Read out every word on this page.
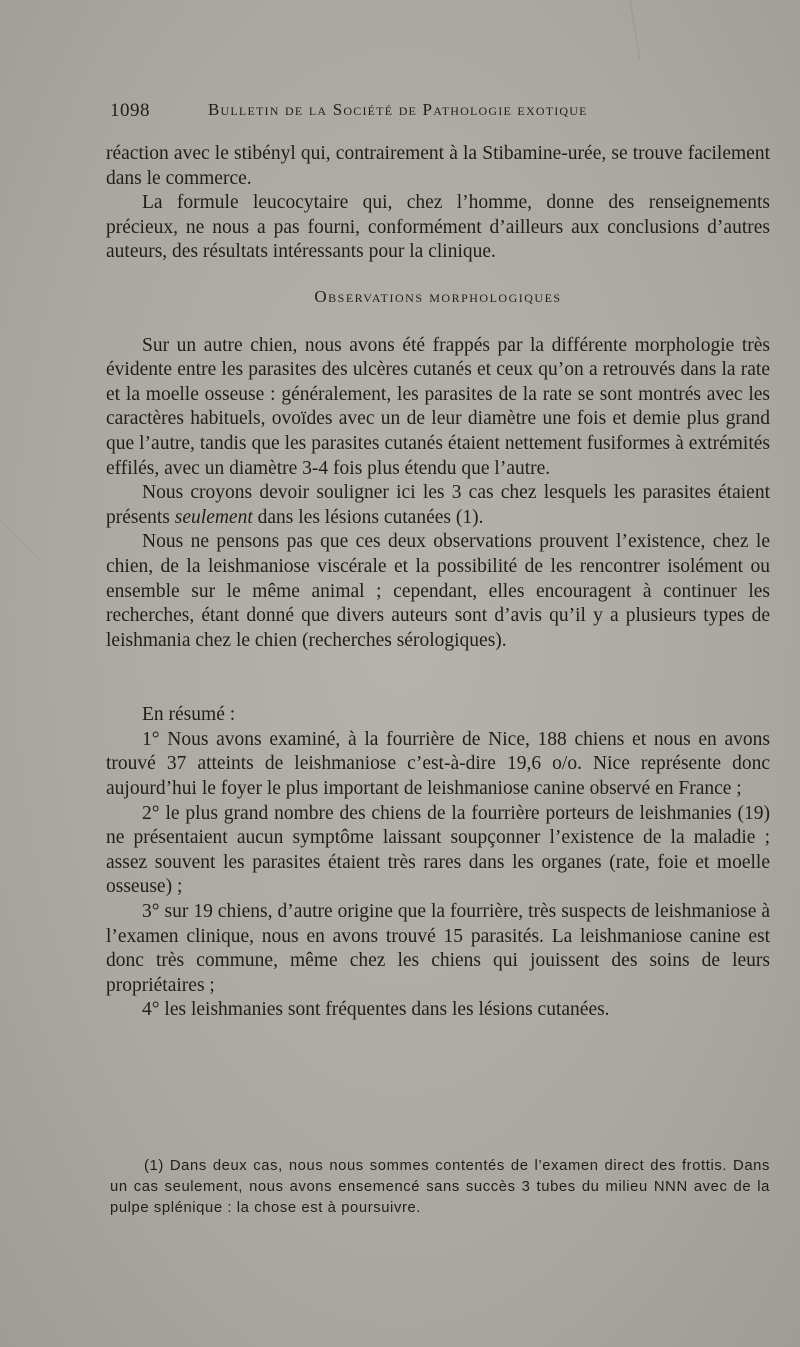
1098	Bulletin de la Société de Pathologie exotique

réaction avec le stibényl qui, contrairement à la Stibamine-urée, se trouve facilement dans le commerce.

La formule leucocytaire qui, chez l’homme, donne des renseignements précieux, ne nous a pas fourni, conformément d’ailleurs aux conclusions d’autres auteurs, des résultats intéressants pour la clinique.

Observations morphologiques

Sur un autre chien, nous avons été frappés par la différente morphologie très évidente entre les parasites des ulcères cutanés et ceux qu’on a retrouvés dans la rate et la moelle osseuse : généralement, les parasites de la rate se sont montrés avec les caractères habituels, ovoïdes avec un de leur diamètre une fois et demie plus grand que l’autre, tandis que les parasites cutanés étaient nettement fusiformes à extrémités effilés, avec un diamètre 3-4 fois plus étendu que l’autre.

Nous croyons devoir souligner ici les 3 cas chez lesquels les parasites étaient présents seulement dans les lésions cutanées (1).

Nous ne pensons pas que ces deux observations prouvent l’existence, chez le chien, de la leishmaniose viscérale et la possibilité de les rencontrer isolément ou ensemble sur le même animal ; cependant, elles encouragent à continuer les recherches, étant donné que divers auteurs sont d’avis qu’il y a plusieurs types de leishmania chez le chien (recherches sérologiques).

En résumé :

1° Nous avons examiné, à la fourrière de Nice, 188 chiens et nous en avons trouvé 37 atteints de leishmaniose c’est-à-dire 19,6 o/o. Nice représente donc aujourd’hui le foyer le plus important de leishmaniose canine observé en France ;

2° le plus grand nombre des chiens de la fourrière porteurs de leishmanies (19) ne présentaient aucun symptôme laissant soupçonner l’existence de la maladie ; assez souvent les parasites étaient très rares dans les organes (rate, foie et moelle osseuse) ;

3° sur 19 chiens, d’autre origine que la fourrière, très suspects de leishmaniose à l’examen clinique, nous en avons trouvé 15 parasités. La leishmaniose canine est donc très commune, même chez les chiens qui jouissent des soins de leurs propriétaires ;

4° les leishmanies sont fréquentes dans les lésions cutanées.

(1) Dans deux cas, nous nous sommes contentés de l’examen direct des frottis. Dans un cas seulement, nous avons ensemencé sans succès 3 tubes du milieu NNN avec de la pulpe splénique : la chose est à poursuivre.
